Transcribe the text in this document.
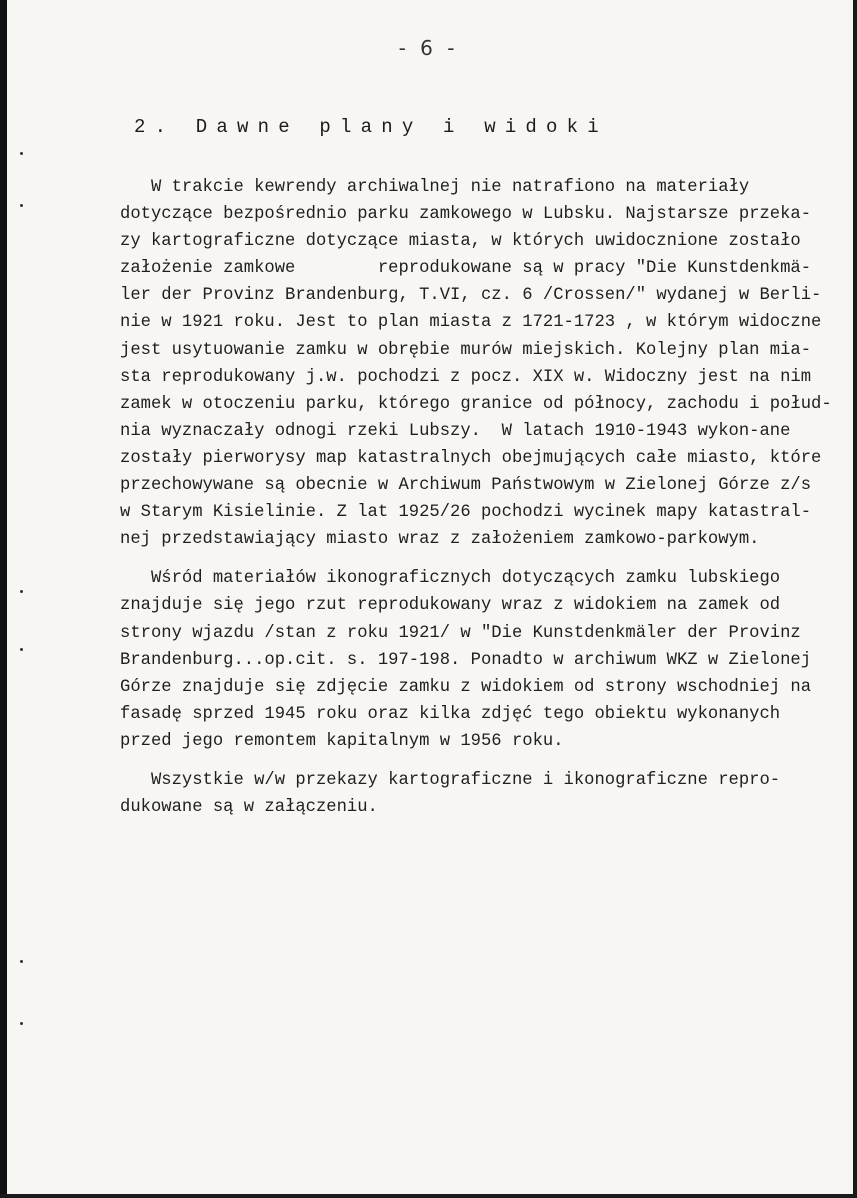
- 6 -
2. Dawne plany i widoki
W trakcie kewrendy archiwalnej nie natrafiono na materiały
dotyczące bezpośrednio parku zamkowego w Lubsku. Najstarsze przeka-
zy kartograficzne dotyczące miasta, w których uwidocznione zostało
założenie zamkowe        reprodukowane są w pracy "Die Kunstdenkmä-
ler der Provinz Brandenburg, T.VI, cz. 6 /Crossen/" wydanej w Berli-
nie w 1921 roku. Jest to plan miasta z 1721-1723 , w którym widoczne
jest usytuowanie zamku w obrębie murów miejskich. Kolejny plan mia-
sta reprodukowany j.w. pochodzi z pocz. XIX w. Widoczny jest na nim
zamek w otoczeniu parku, którego granice od północy, zachodu i połud-
nia wyznaczały odnogi rzeki Lubszy.  W latach 1910-1943 wykon-ane
zostały pierworysy map katastralnych obejmujących całe miasto, które
przechowywane są obecnie w Archiwum Państwowym w Zielonej Górze z/s
w Starym Kisielinie. Z lat 1925/26 pochodzi wycinek mapy katastral-
nej przedstawiający miasto wraz z założeniem zamkowo-parkowym.
Wśród materiałów ikonograficznych dotyczących zamku lubskiego
znajduje się jego rzut reprodukowany wraz z widokiem na zamek od
strony wjazdu /stan z roku 1921/ w "Die Kunstdenkmäler der Provinz
Brandenburg...op.cit. s. 197-198. Ponadto w archiwum WKZ w Zielonej
Górze znajduje się zdjęcie zamku z widokiem od strony wschodniej na
fasadę sprzed 1945 roku oraz kilka zdjęć tego obiektu wykonanych
przed jego remontem kapitalnym w 1956 roku.
Wszystkie w/w przekazy kartograficzne i ikonograficzne repro-
dukowane są w załączeniu.
